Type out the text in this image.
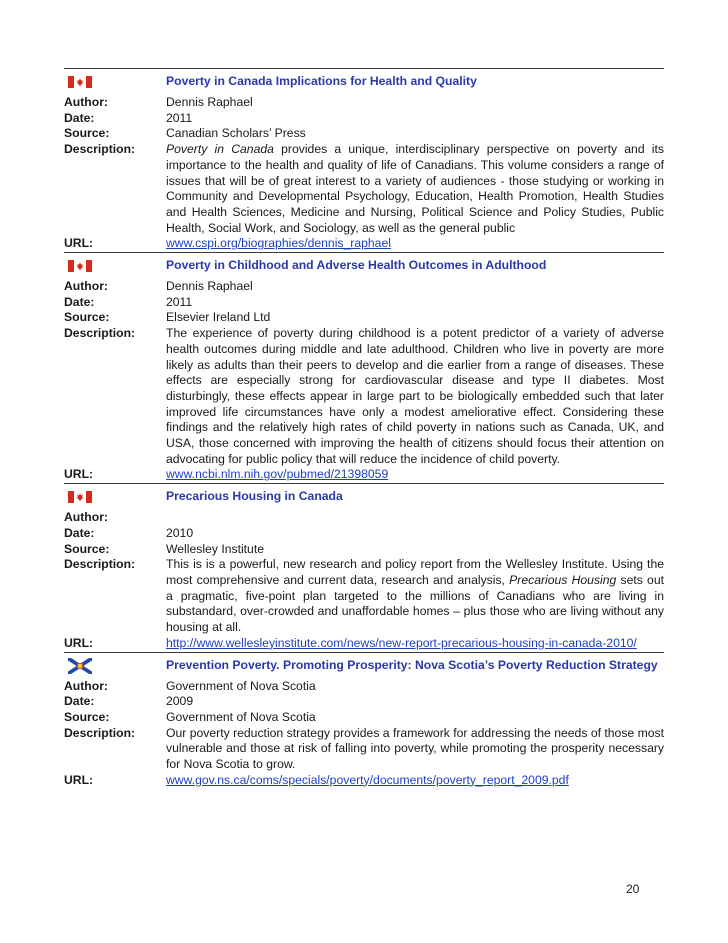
Poverty in Canada Implications for Health and Quality
Author:	Dennis Raphael
Date:	2011
Source:	Canadian Scholars’ Press
Description:	Poverty in Canada provides a unique, interdisciplinary perspective on poverty and its importance to the health and quality of life of Canadians. This volume considers a range of issues that will be of great interest to a variety of audiences - those studying or working in Community and Developmental Psychology, Education, Health Promotion, Health Studies and Health Sciences, Medicine and Nursing, Political Science and Policy Studies, Public Health, Social Work, and Sociology, as well as the general public
URL:	www.cspi.org/biographies/dennis_raphael
Poverty in Childhood and Adverse Health Outcomes in Adulthood
Author:	Dennis Raphael
Date:	2011
Source:	Elsevier Ireland Ltd
Description:	The experience of poverty during childhood is a potent predictor of a variety of adverse health outcomes during middle and late adulthood. Children who live in poverty are more likely as adults than their peers to develop and die earlier from a range of diseases. These effects are especially strong for cardiovascular disease and type II diabetes. Most disturbingly, these effects appear in large part to be biologically embedded such that later improved life circumstances have only a modest ameliorative effect. Considering these findings and the relatively high rates of child poverty in nations such as Canada, UK, and USA, those concerned with improving the health of citizens should focus their attention on advocating for public policy that will reduce the incidence of child poverty.
URL:	www.ncbi.nlm.nih.gov/pubmed/21398059
Precarious Housing in Canada
Author:
Date:	2010
Source:	Wellesley Institute
Description:	This is is a powerful, new research and policy report from the Wellesley Institute. Using the most comprehensive and current data, research and analysis, Precarious Housing sets out a pragmatic, five-point plan targeted to the millions of Canadians who are living in substandard, over-crowded and unaffordable homes – plus those who are living without any housing at all.
URL:	http://www.wellesleyinstitute.com/news/new-report-precarious-housing-in-canada-2010/
Prevention Poverty. Promoting Prosperity: Nova Scotia’s Poverty Reduction Strategy
Author:	Government of Nova Scotia
Date:	2009
Source:	Government of Nova Scotia
Description:	Our poverty reduction strategy provides a framework for addressing the needs of those most vulnerable and those at risk of falling into poverty, while promoting the prosperity necessary for Nova Scotia to grow.
URL:	www.gov.ns.ca/coms/specials/poverty/documents/poverty_report_2009.pdf
20
